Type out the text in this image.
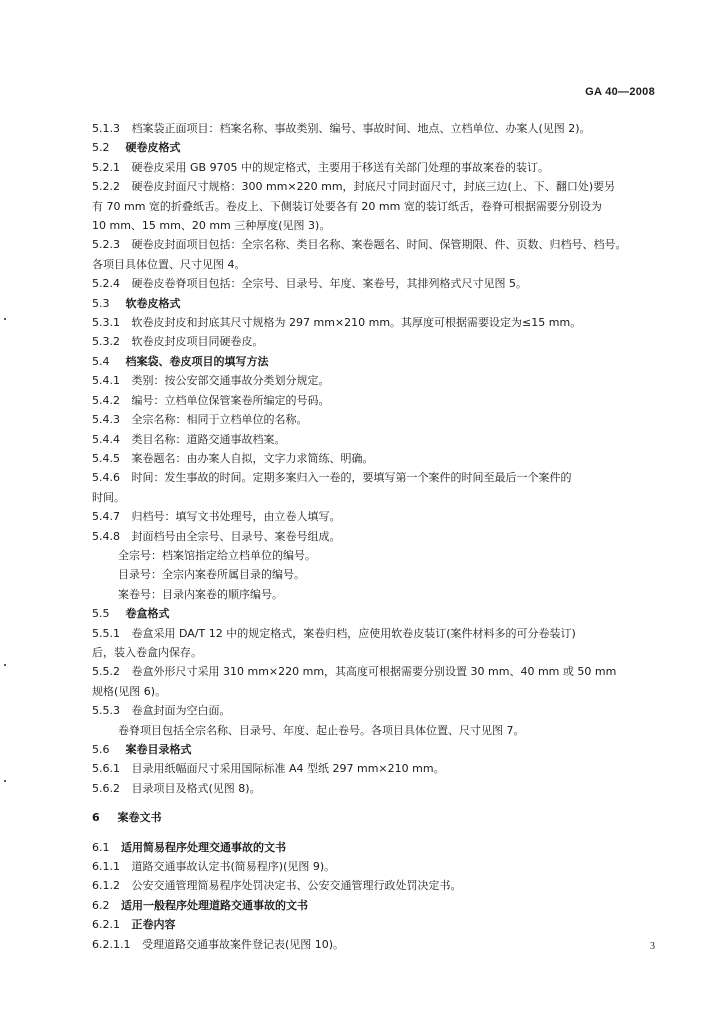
GA 40—2008
5.1.3 档案袋正面项目：档案名称、事故类别、编号、事故时间、地点、立档单位、办案人(见图 2)。
5.2 硬卷皮格式
5.2.1 硬卷皮采用 GB 9705 中的规定格式，主要用于移送有关部门处理的事故案卷的装订。
5.2.2 硬卷皮封面尺寸规格：300 mm×220 mm，封底尺寸同封面尺寸，封底三边(上、下、翻口处)要另
有 70 mm 宽的折叠纸舌。卷皮上、下侧装订处要各有 20 mm 宽的装订纸舌，卷脊可根据需要分别设为
10 mm、15 mm、20 mm 三种厚度(见图 3)。
5.2.3 硬卷皮封面项目包括：全宗名称、类目名称、案卷题名、时间、保管期限、件、页数、归档号、档号。
各项目具体位置、尺寸见图 4。
5.2.4 硬卷皮卷脊项目包括：全宗号、目录号、年度、案卷号，其排列格式尺寸见图 5。
5.3 软卷皮格式
5.3.1 软卷皮封皮和封底其尺寸规格为 297 mm×210 mm。其厚度可根据需要设定为≤15 mm。
5.3.2 软卷皮封皮项目同硬卷皮。
5.4 档案袋、卷皮项目的填写方法
5.4.1 类别：按公安部交通事故分类划分规定。
5.4.2 编号：立档单位保管案卷所编定的号码。
5.4.3 全宗名称：相同于立档单位的名称。
5.4.4 类目名称：道路交通事故档案。
5.4.5 案卷题名：由办案人自拟，文字力求简练、明确。
5.4.6 时间：发生事故的时间。定期多案归入一卷的，要填写第一个案件的时间至最后一个案件的
时间。
5.4.7 归档号：填写文书处理号，由立卷人填写。
5.4.8 封面档号由全宗号、目录号、案卷号组成。
全宗号：档案馆指定给立档单位的编号。
目录号：全宗内案卷所属目录的编号。
案卷号：目录内案卷的顺序编号。
5.5 卷盒格式
5.5.1 卷盒采用 DA/T 12 中的规定格式，案卷归档，应使用软卷皮装订(案件材料多的可分卷装订)
后，装入卷盒内保存。
5.5.2 卷盒外形尺寸采用 310 mm×220 mm，其高度可根据需要分别设置 30 mm、40 mm 或 50 mm
规格(见图 6)。
5.5.3 卷盒封面为空白面。
卷脊项目包括全宗名称、目录号、年度、起止卷号。各项目具体位置、尺寸见图 7。
5.6 案卷目录格式
5.6.1 目录用纸幅面尺寸采用国际标准 A4 型纸 297 mm×210 mm。
5.6.2 目录项目及格式(见图 8)。
6 案卷文书
6.1 适用简易程序处理交通事故的文书
6.1.1 道路交通事故认定书(简易程序)(见图 9)。
6.1.2 公安交通管理简易程序处罚决定书、公安交通管理行政处罚决定书。
6.2 适用一般程序处理道路交通事故的文书
6.2.1 正卷内容
6.2.1.1 受理道路交通事故案件登记表(见图 10)。	3
